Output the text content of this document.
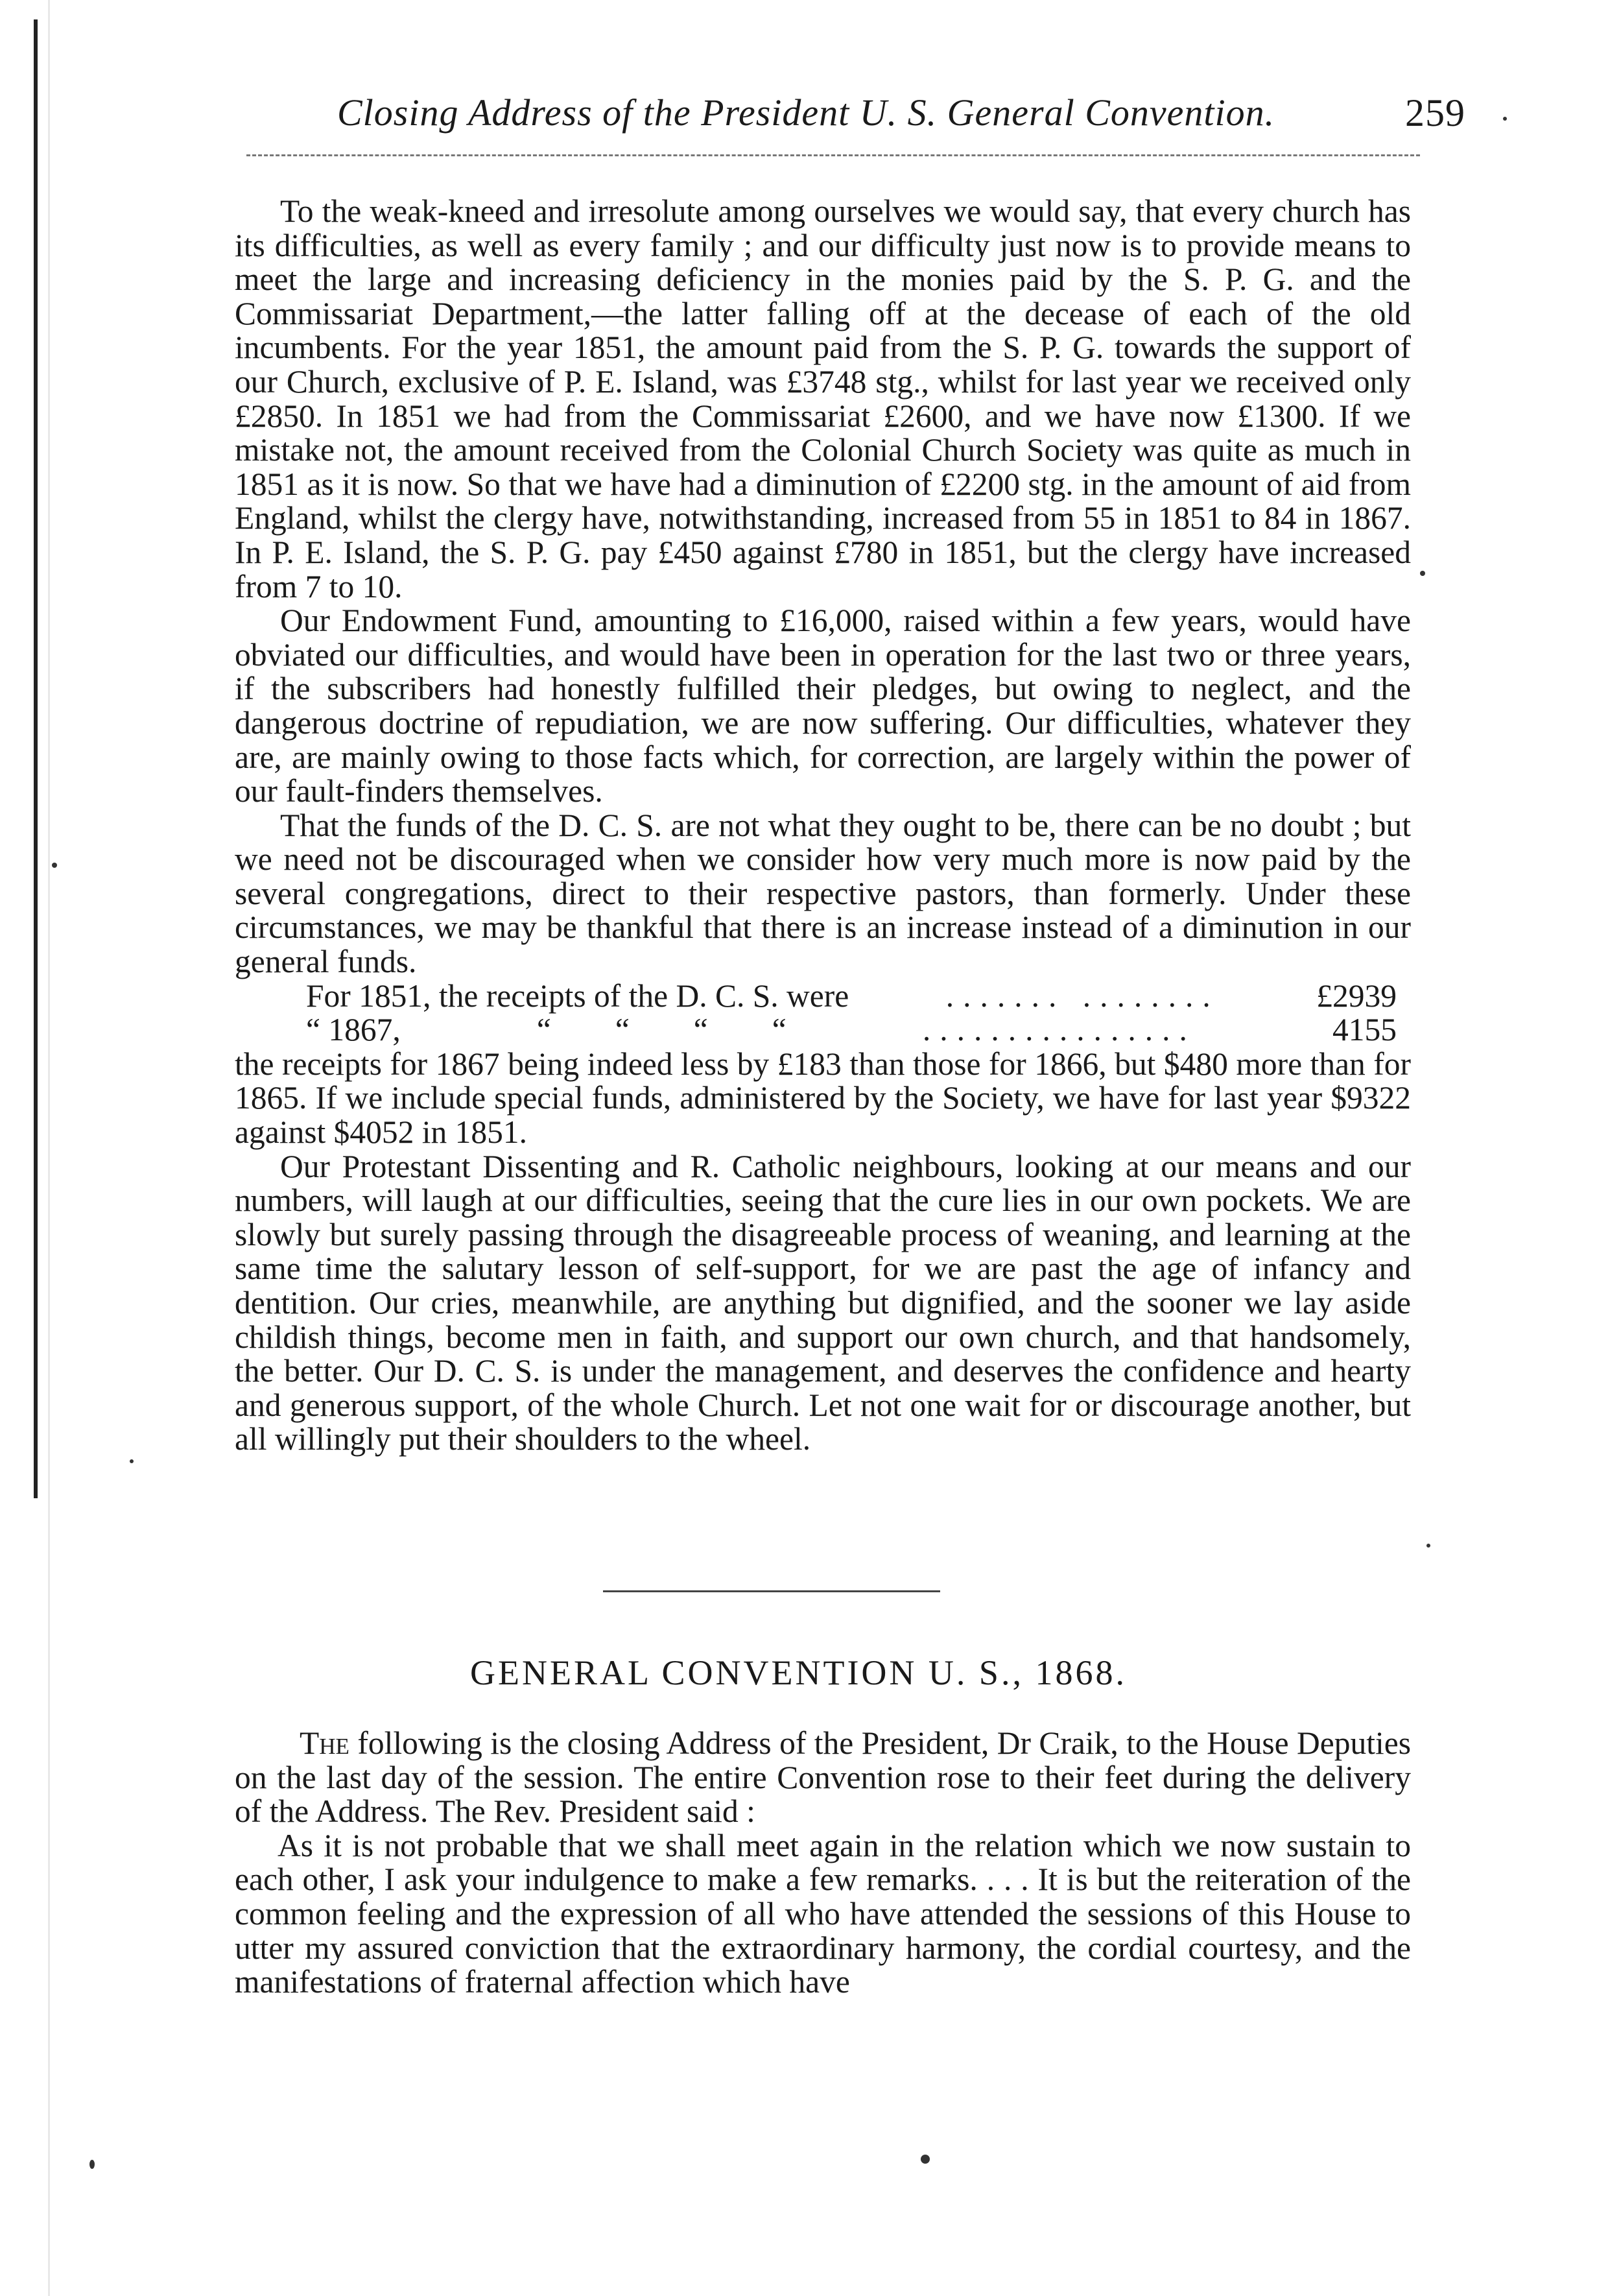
Closing Address of the President U. S. General Convention.	259

To the weak-kneed and irresolute among ourselves we would say, that every church has its difficulties, as well as every family ; and our difficulty just now is to provide means to meet the large and increasing deficiency in the monies paid by the S. P. G. and the Commissariat Department,—the latter falling off at the decease of each of the old incumbents. For the year 1851, the amount paid from the S. P. G. towards the support of our Church, exclusive of P. E. Island, was £3748 stg., whilst for last year we received only £2850. In 1851 we had from the Commissariat £2600, and we have now £1300. If we mistake not, the amount received from the Colonial Church Society was quite as much in 1851 as it is now. So that we have had a diminution of £2200 stg. in the amount of aid from England, whilst the clergy have, notwithstanding, increased from 55 in 1851 to 84 in 1867. In P. E. Island, the S. P. G. pay £450 against £780 in 1851, but the clergy have increased from 7 to 10.

Our Endowment Fund, amounting to £16,000, raised within a few years, would have obviated our difficulties, and would have been in operation for the last two or three years, if the subscribers had honestly fulfilled their pledges, but owing to neglect, and the dangerous doctrine of repudiation, we are now suffering. Our difficulties, whatever they are, are mainly owing to those facts which, for correction, are largely within the power of our fault-finders themselves.

That the funds of the D. C. S. are not what they ought to be, there can be no doubt ; but we need not be discouraged when we consider how very much more is now paid by the several congregations, direct to their respective pastors, than formerly. Under these circumstances, we may be thankful that there is an increase instead of a diminution in our general funds.

For 1851, the receipts of the D. C. S. were	....... ........	£2939
“ 1867,	“        “        “        “	................	4155

the receipts for 1867 being indeed less by £183 than those for 1866, but $480 more than for 1865. If we include special funds, administered by the Society, we have for last year $9322 against $4052 in 1851.

Our Protestant Dissenting and R. Catholic neighbours, looking at our means and our numbers, will laugh at our difficulties, seeing that the cure lies in our own pockets. We are slowly but surely passing through the disagreeable process of weaning, and learning at the same time the salutary lesson of self-support, for we are past the age of infancy and dentition. Our cries, meanwhile, are anything but dignified, and the sooner we lay aside childish things, become men in faith, and support our own church, and that handsomely, the better. Our D. C. S. is under the management, and deserves the confidence and hearty and generous support, of the whole Church. Let not one wait for or discourage another, but all willingly put their shoulders to the wheel.

GENERAL CONVENTION U. S., 1868.

The following is the closing Address of the President, Dr Craik, to the House Deputies on the last day of the session. The entire Convention rose to their feet during the delivery of the Address. The Rev. President said :

As it is not probable that we shall meet again in the relation which we now sustain to each other, I ask your indulgence to make a few remarks. . . . It is but the reiteration of the common feeling and the expression of all who have attended the sessions of this House to utter my assured conviction that the extraordinary harmony, the cordial courtesy, and the manifestations of fraternal affection which have
